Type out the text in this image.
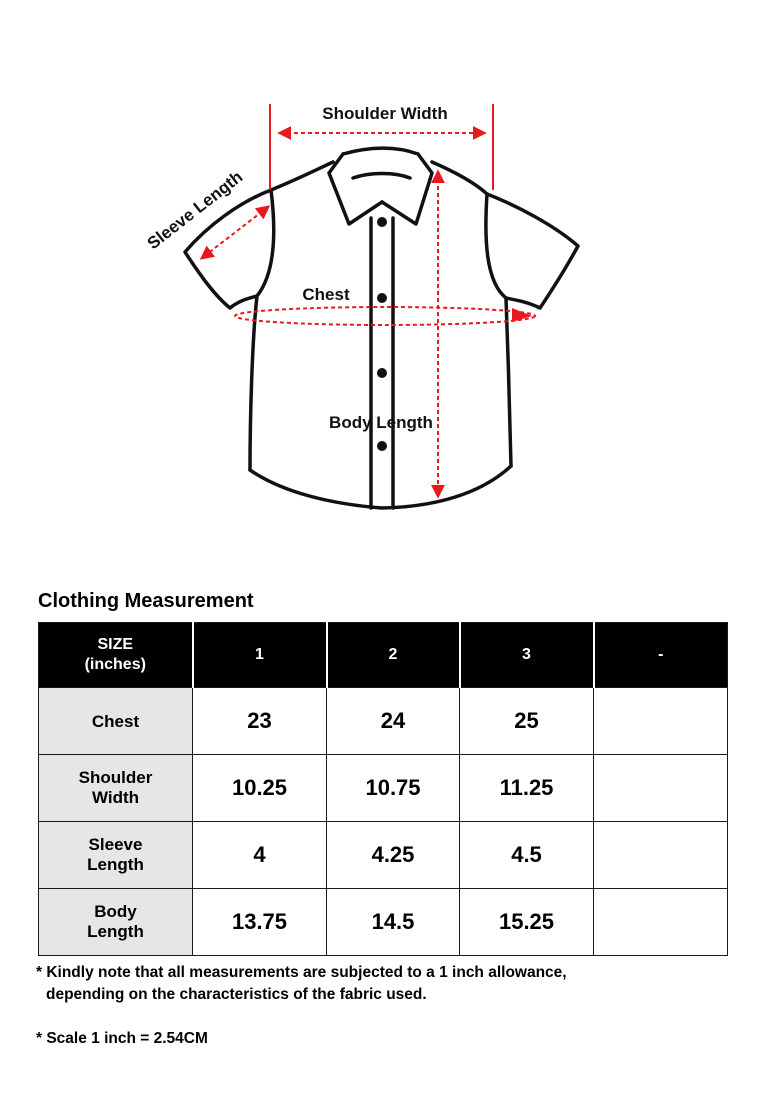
Shoulder Width
Sleeve Length
Chest
Body Length
Clothing Measurement
SIZE
(inches)	1	2	3	-
Chest	23	24	25	

Shoulder
Width	10.25	10.75	11.25	

Sleeve
Length	4	4.25	4.5	

Body
Length	13.75	14.5	15.25	

* Kindly note that all measurements are subjected to a 1 inch allowance,

depending on the characteristics of the fabric used.

* Scale 1 inch = 2.54CM
